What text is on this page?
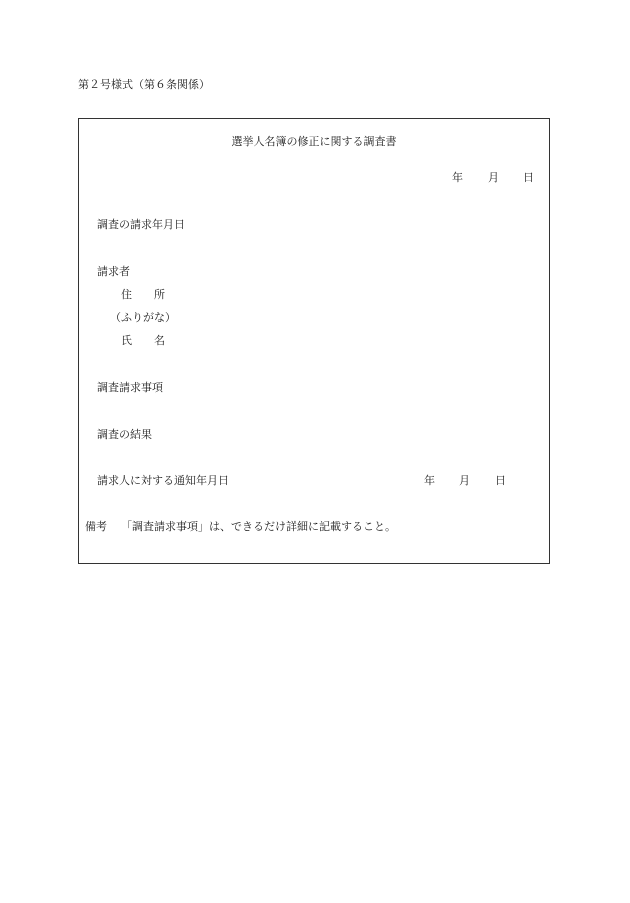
第２号様式（第６条関係）
選挙人名簿の修正に関する調査書
年 月 日
調査の請求年月日
請求者
住　　所
（ふりがな）
氏　　名
調査請求事項
調査の結果
請求人に対する通知年月日	年 月 日
備考 「調査請求事項」は、できるだけ詳細に記載すること。
